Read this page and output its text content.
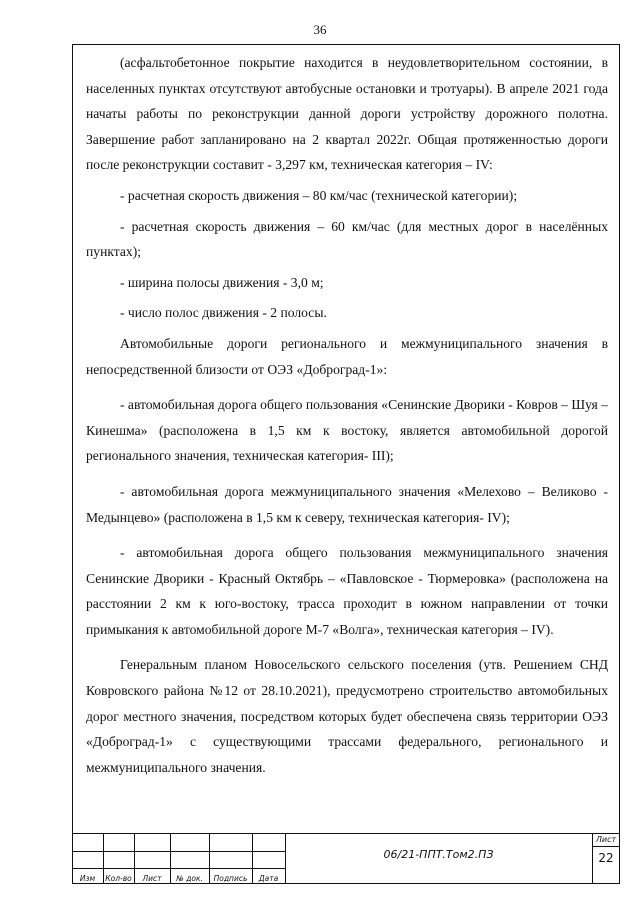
36

(асфальтобетонное покрытие находится в неудовлетворительном состоянии, в населенных пунктах отсутствуют автобусные остановки и тротуары). В апреле 2021 года начаты работы по реконструкции данной дороги устройству дорожного полотна. Завершение работ запланировано на 2 квартал 2022г. Общая протяженностью дороги после реконструкции составит - 3,297 км, техническая категория – IV:

- расчетная скорость движения – 80 км/час (технической категории);

- расчетная скорость движения – 60 км/час (для местных дорог в населённых пунктах);

- ширина полосы движения - 3,0 м;

- число полос движения - 2 полосы.

Автомобильные дороги регионального и межмуниципального значения в непосредственной близости от ОЭЗ «Доброград-1»:

- автомобильная дорога общего пользования «Сенинские Дворики - Ковров – Шуя – Кинешма» (расположена в 1,5 км к востоку, является автомобильной дорогой регионального значения, техническая категория- III);

- автомобильная дорога межмуниципального значения «Мелехово – Великово - Медынцево» (расположена в 1,5 км к северу, техническая категория- IV);

- автомобильная дорога общего пользования межмуниципального значения Сенинские Дворики - Красный Октябрь – «Павловское - Тюрмеровка» (расположена на расстоянии 2 км к юго-востоку, трасса проходит в южном направлении от точки примыкания к автомобильной дороге М-7 «Волга», техническая категория – IV).

Генеральным планом Новосельского сельского поселения (утв. Решением СНД Ковровского района №12 от 28.10.2021), предусмотрено строительство автомобильных дорог местного значения, посредством которых будет обеспечена связь территории ОЭЗ «Доброград-1» с существующими трассами федерального, регионального и межмуниципального значения.

Изм	Кол-во	Лист	№ док.	Подпись	Дата
06/21-ППТ.Том2.ПЗ
Лист
22
